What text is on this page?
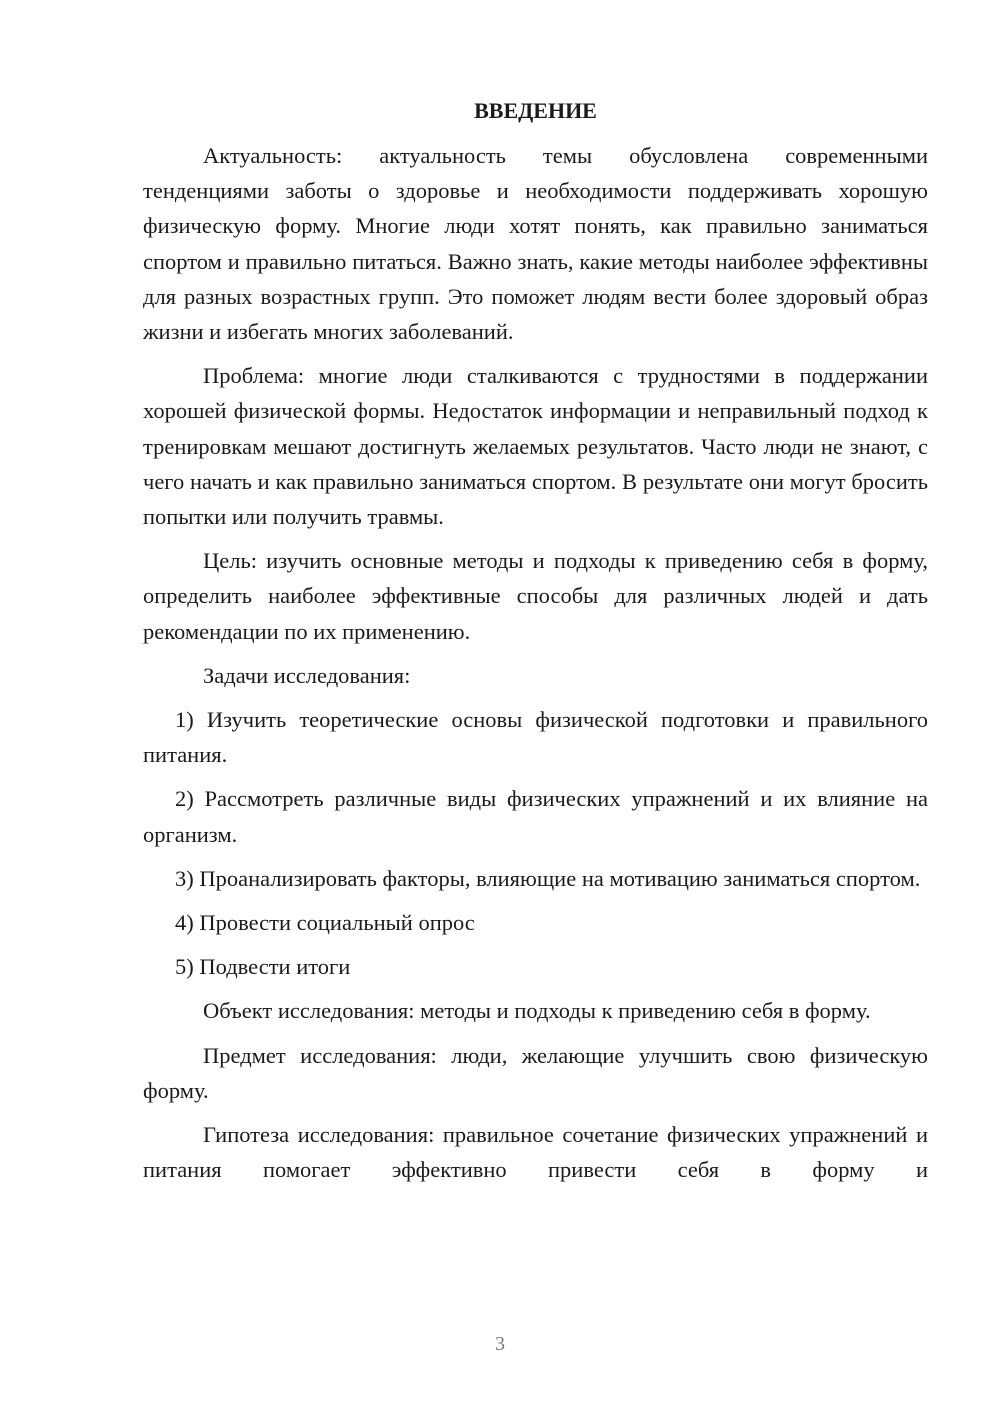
ВВЕДЕНИЕ

Актуальность: актуальность темы обусловлена современными тенденциями заботы о здоровье и необходимости поддерживать хорошую физическую форму. Многие люди хотят понять, как правильно заниматься спортом и правильно питаться. Важно знать, какие методы наиболее эффективны для разных возрастных групп. Это поможет людям вести более здоровый образ жизни и избегать многих заболеваний.

Проблема: многие люди сталкиваются с трудностями в поддержании хорошей физической формы. Недостаток информации и неправильный подход к тренировкам мешают достигнуть желаемых результатов. Часто люди не знают, с чего начать и как правильно заниматься спортом. В результате они могут бросить попытки или получить травмы.

Цель: изучить основные методы и подходы к приведению себя в форму, определить наиболее эффективные способы для различных людей и дать рекомендации по их применению.

Задачи исследования:

1) Изучить теоретические основы физической подготовки и правильного питания.

2) Рассмотреть различные виды физических упражнений и их влияние на организм.

3) Проанализировать факторы, влияющие на мотивацию заниматься спортом.

4) Провести социальный опрос

5) Подвести итоги

Объект исследования: методы и подходы к приведению себя в форму.

Предмет исследования: люди, желающие улучшить свою физическую форму.

Гипотеза исследования: правильное сочетание физических упражнений и питания помогает эффективно привести себя в форму и

3
